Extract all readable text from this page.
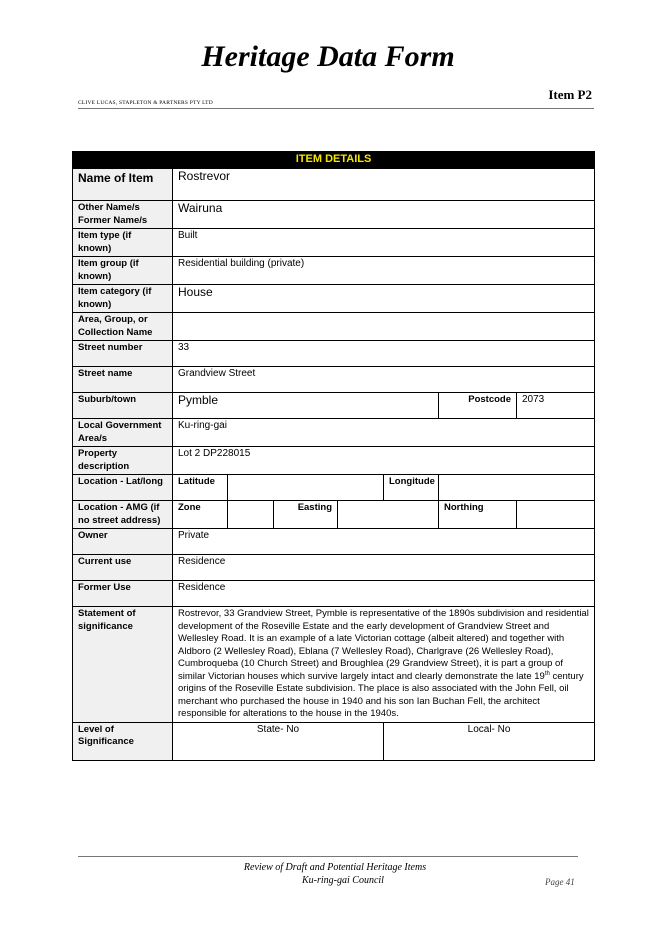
Heritage Data Form
Item P2
CLIVE LUCAS, STAPLETON & PARTNERS PTY LTD
ITEM DETAILS							
Name of Item	Rostrevor						
Other Name/s Former Name/s	Wairuna						
Item type (if known)	Built						
Item group (if known)	Residential building (private)						
Item category (if known)	House						
Area, Group, or Collection Name							
Street number	33						
Street name	Grandview Street						
Suburb/town	Pymble					Postcode	2073
Local Government Area/s	Ku-ring-gai						
Property description	Lot 2 DP228015						
Location - Lat/long	Latitude				Longitude		
Location - AMG (if no street address)	Zone		Easting			Northing	
Owner	Private						
Current use	Residence						
Former Use	Residence						
Statement of significance	Rostrevor, 33 Grandview Street, Pymble is representative of the 1890s subdivision and residential development of the Roseville Estate and the early development of Grandview Street and Wellesley Road. It is an example of a late Victorian cottage (albeit altered) and together with Aldboro (2 Wellesley Road), Eblana (7 Wellesley Road), Charlgrave (26 Wellesley Road), Cumbroqueba (10 Church Street) and Broughlea (29 Grandview Street), it is part a group of similar Victorian houses which survive largely intact and clearly demonstrate the late 19th century origins of the Roseville Estate subdivision. The place is also associated with the John Fell, oil merchant who purchased the house in 1940 and his son Ian Buchan Fell, the architect responsible for alterations to the house in the 1940s.						
Level of Significance	State- No				Local- No		
Review of Draft and Potential Heritage Items
Ku-ring-gai Council	Page 41
